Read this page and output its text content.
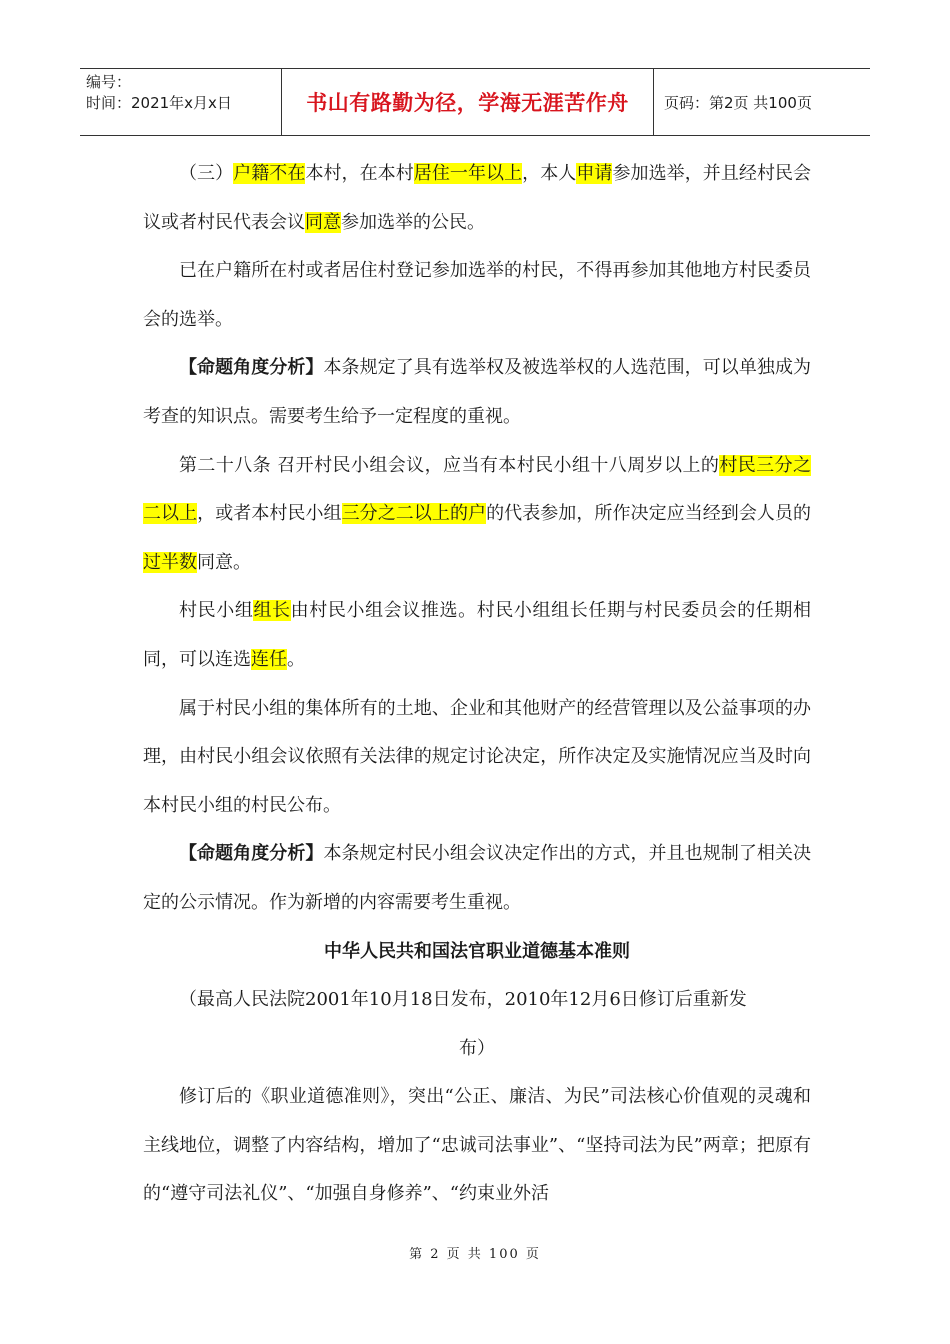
编号：
时间：2021年x月x日	书山有路勤为径，学海无涯苦作舟	页码：第2页 共100页

（三）户籍不在本村，在本村居住一年以上，本人申请参加选举，并且经村民会议或者村民代表会议同意参加选举的公民。

已在户籍所在村或者居住村登记参加选举的村民，不得再参加其他地方村民委员会的选举。

【命题角度分析】本条规定了具有选举权及被选举权的人选范围，可以单独成为考查的知识点。需要考生给予一定程度的重视。

第二十八条 召开村民小组会议，应当有本村民小组十八周岁以上的村民三分之二以上，或者本村民小组三分之二以上的户的代表参加，所作决定应当经到会人员的过半数同意。

村民小组组长由村民小组会议推选。村民小组组长任期与村民委员会的任期相同，可以连选连任。

属于村民小组的集体所有的土地、企业和其他财产的经营管理以及公益事项的办理，由村民小组会议依照有关法律的规定讨论决定，所作决定及实施情况应当及时向本村民小组的村民公布。

【命题角度分析】本条规定村民小组会议决定作出的方式，并且也规制了相关决定的公示情况。作为新增的内容需要考生重视。

中华人民共和国法官职业道德基本准则

（最高人民法院2001年10月18日发布，2010年12月6日修订后重新发

布）

修订后的《职业道德准则》，突出“公正、廉洁、为民”司法核心价值观的灵魂和主线地位，调整了内容结构，增加了“忠诚司法事业”、“坚持司法为民”两章；把原有的“遵守司法礼仪”、“加强自身修养”、“约束业外活

第 2 页 共 100 页
